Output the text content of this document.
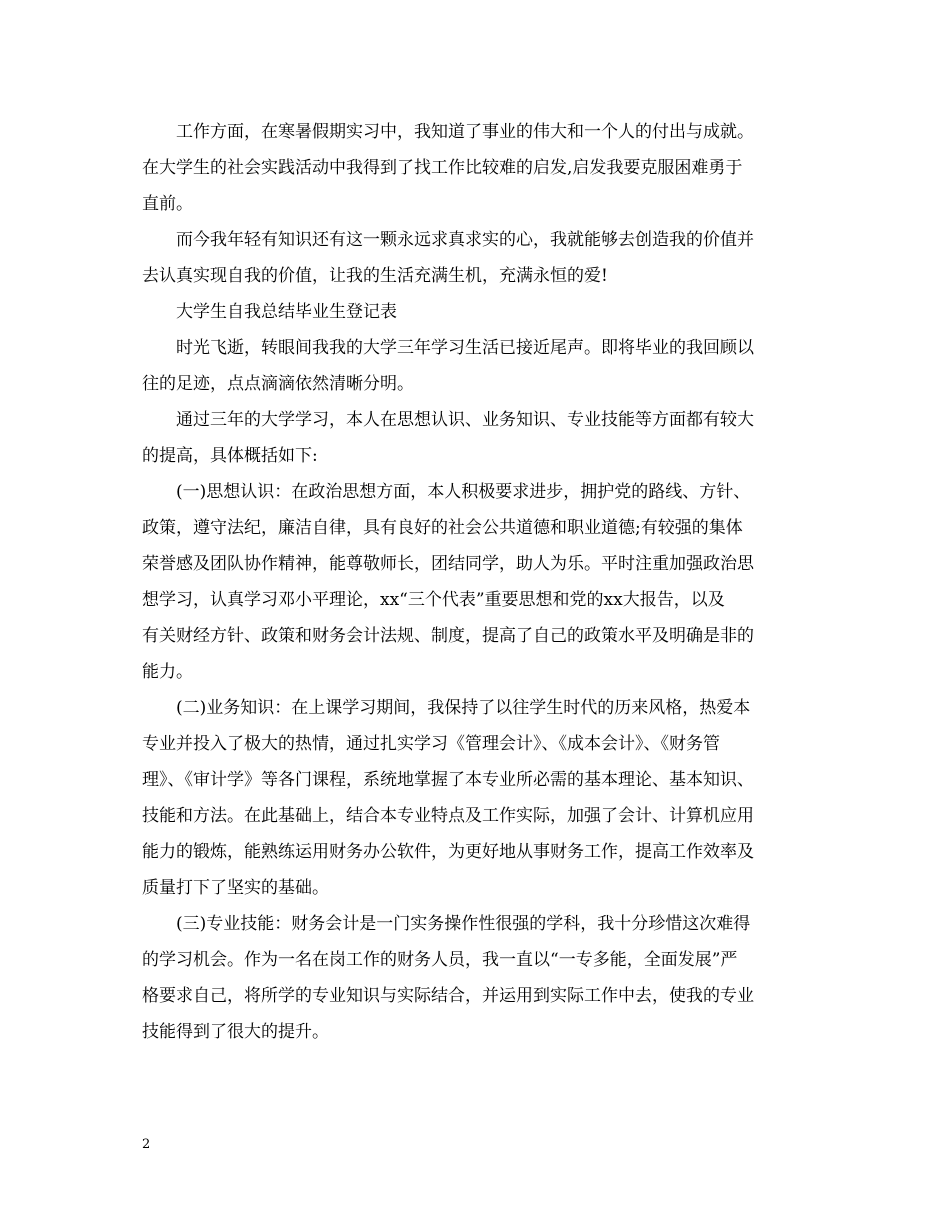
工作方面，在寒暑假期实习中，我知道了事业的伟大和一个人的付出与成就。
在大学生的社会实践活动中我得到了找工作比较难的启发,启发我要克服困难勇于
直前。
而今我年轻有知识还有这一颗永远求真求实的心，我就能够去创造我的价值并
去认真实现自我的价值，让我的生活充满生机，充满永恒的爱!
大学生自我总结毕业生登记表
时光飞逝，转眼间我我的大学三年学习生活已接近尾声。即将毕业的我回顾以
往的足迹，点点滴滴依然清晰分明。
通过三年的大学学习，本人在思想认识、业务知识、专业技能等方面都有较大
的提高，具体概括如下:
(一)思想认识：在政治思想方面，本人积极要求进步，拥护党的路线、方针、
政策，遵守法纪，廉洁自律，具有良好的社会公共道德和职业道德;有较强的集体
荣誉感及团队协作精神，能尊敬师长，团结同学，助人为乐。平时注重加强政治思
想学习，认真学习邓小平理论，xx“三个代表”重要思想和党的xx大报告，以及
有关财经方针、政策和财务会计法规、制度，提高了自己的政策水平及明确是非的
能力。
(二)业务知识：在上课学习期间，我保持了以往学生时代的历来风格，热爱本
专业并投入了极大的热情，通过扎实学习《管理会计》、《成本会计》、《财务管
理》、《审计学》等各门课程，系统地掌握了本专业所必需的基本理论、基本知识、
技能和方法。在此基础上，结合本专业特点及工作实际，加强了会计、计算机应用
能力的锻炼，能熟练运用财务办公软件，为更好地从事财务工作，提高工作效率及
质量打下了坚实的基础。
(三)专业技能：财务会计是一门实务操作性很强的学科，我十分珍惜这次难得
的学习机会。作为一名在岗工作的财务人员，我一直以“一专多能，全面发展”严
格要求自己，将所学的专业知识与实际结合，并运用到实际工作中去，使我的专业
技能得到了很大的提升。
2
